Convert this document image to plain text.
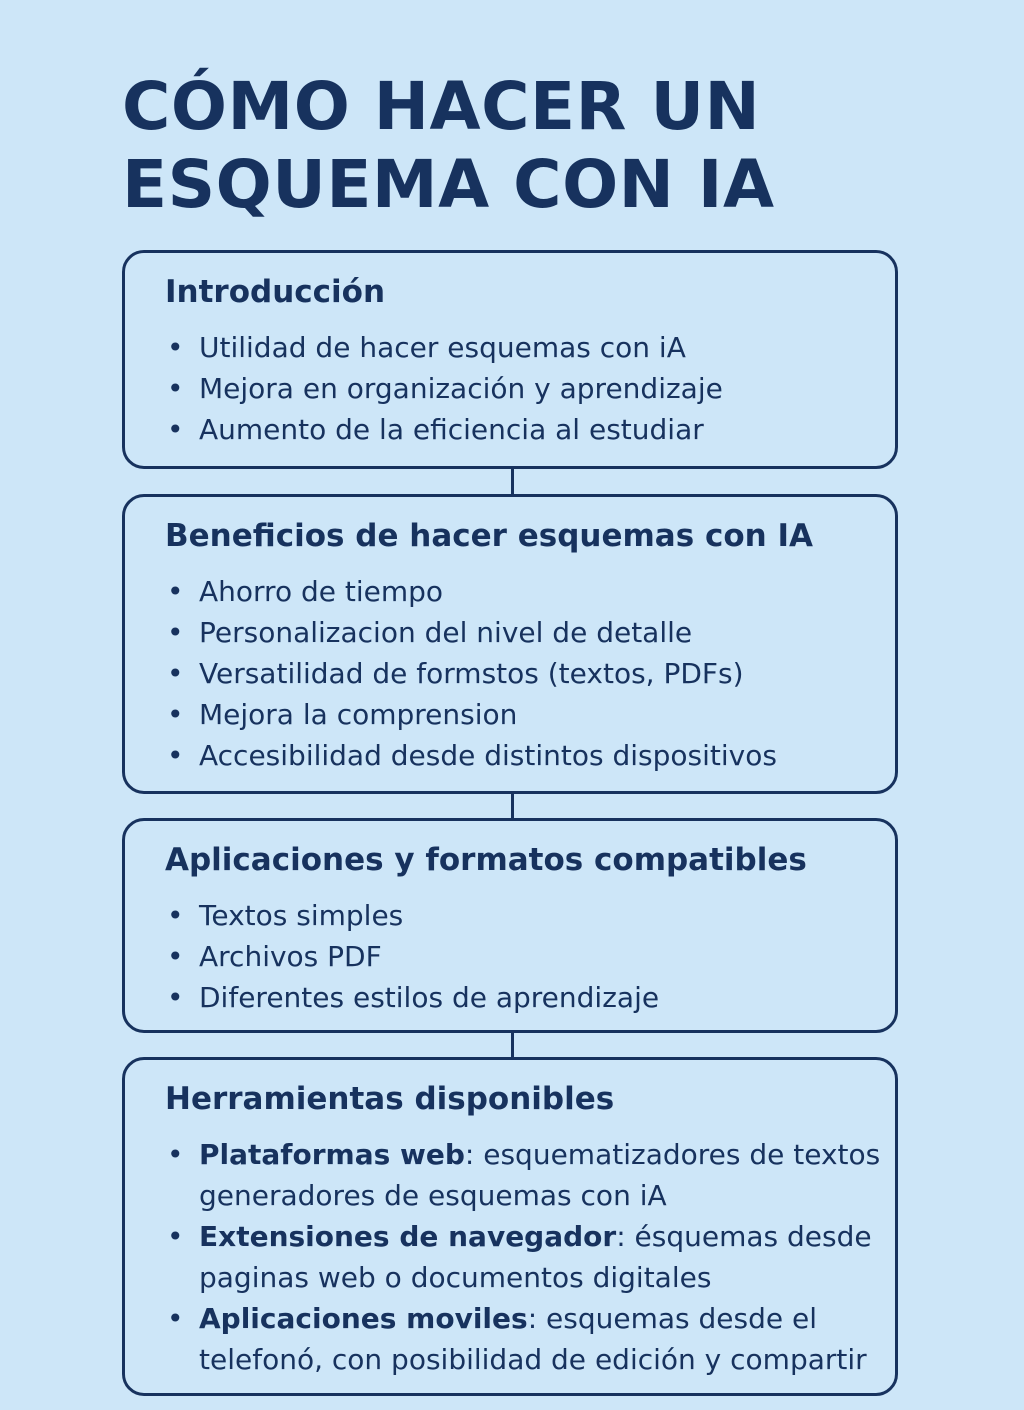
CÓMO HACER UN
ESQUEMA CON IA
Introducción
• Utilidad de hacer esquemas con iA
• Mejora en organización y aprendizaje
• Aumento de la eficiencia al estudiar
Beneficios de hacer esquemas con IA
• Ahorro de tiempo
• Personalizacion del nivel de detalle
• Versatilidad de formstos (textos, PDFs)
• Mejora la comprension
• Accesibilidad desde distintos dispositivos
Aplicaciones y formatos compatibles
• Textos simples
• Archivos PDF
• Diferentes estilos de aprendizaje
Herramientas disponibles
• Plataformas web: esquematizadores de textos
generadores de esquemas con iA
• Extensiones de navegador: ésquemas desde
paginas web o documentos digitales
• Aplicaciones moviles: esquemas desde el
telefonó, con posibilidad de edición y compartir
